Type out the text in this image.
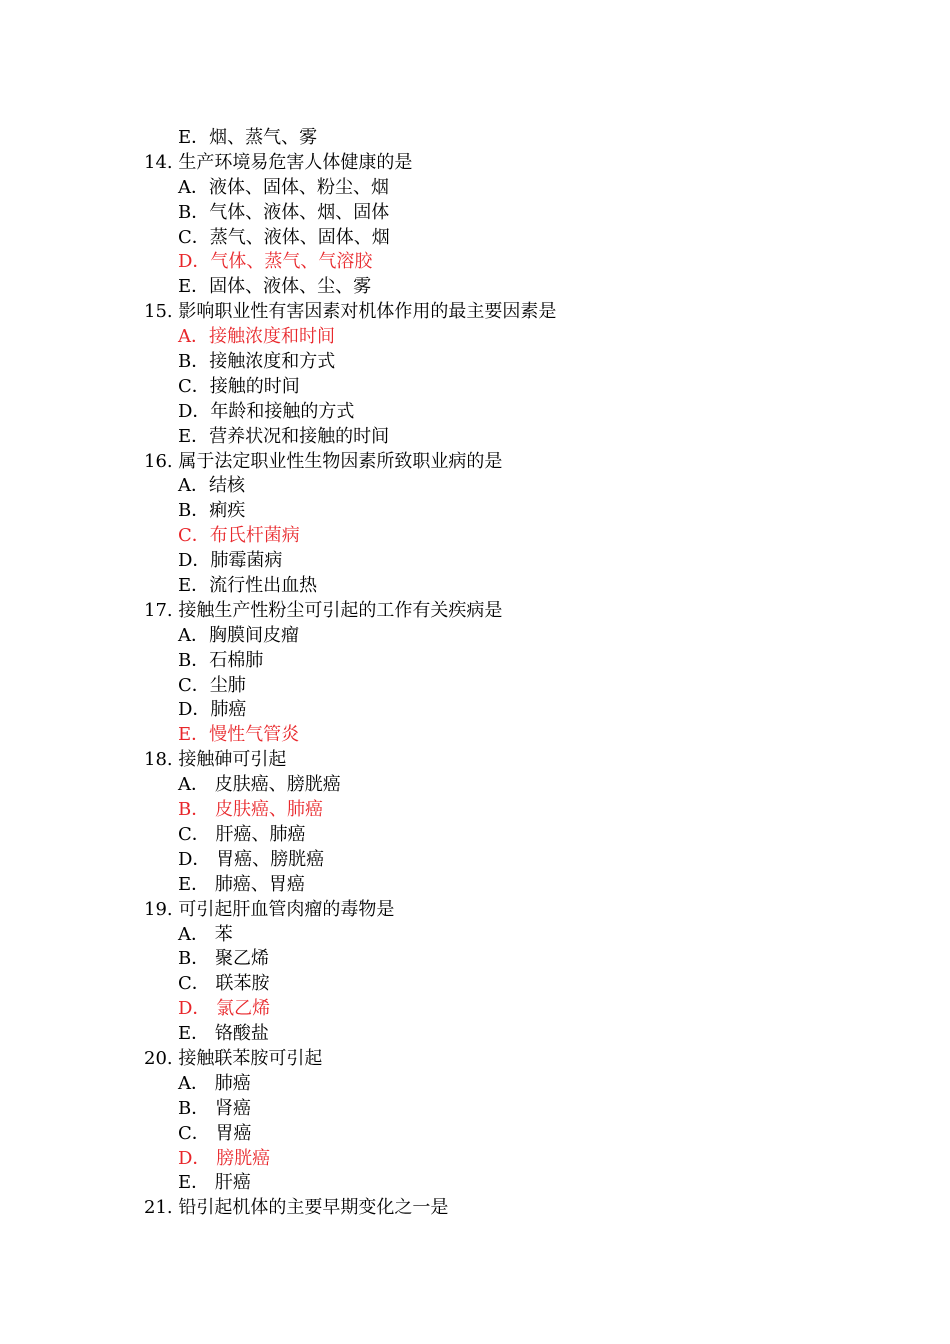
E．烟、蒸气、雾
14. 生产环境易危害人体健康的是
A．液体、固体、粉尘、烟
B．气体、液体、烟、固体
C．蒸气、液体、固体、烟
D．气体、蒸气、气溶胶
E．固体、液体、尘、雾
15. 影响职业性有害因素对机体作用的最主要因素是
A．接触浓度和时间
B．接触浓度和方式
C．接触的时间
D．年龄和接触的方式
E．营养状况和接触的时间
16. 属于法定职业性生物因素所致职业病的是
A．结核
B．痢疾
C．布氏杆菌病
D．肺霉菌病
E．流行性出血热
17. 接触生产性粉尘可引起的工作有关疾病是
A．胸膜间皮瘤
B．石棉肺
C．尘肺
D．肺癌
E．慢性气管炎
18. 接触砷可引起
A． 皮肤癌、膀胱癌
B． 皮肤癌、肺癌
C． 肝癌、肺癌
D． 胃癌、膀胱癌
E． 肺癌、胃癌
19. 可引起肝血管肉瘤的毒物是
A． 苯
B． 聚乙烯
C． 联苯胺
D． 氯乙烯
E． 铬酸盐
20. 接触联苯胺可引起
A． 肺癌
B． 肾癌
C． 胃癌
D． 膀胱癌
E． 肝癌
21. 铅引起机体的主要早期变化之一是
